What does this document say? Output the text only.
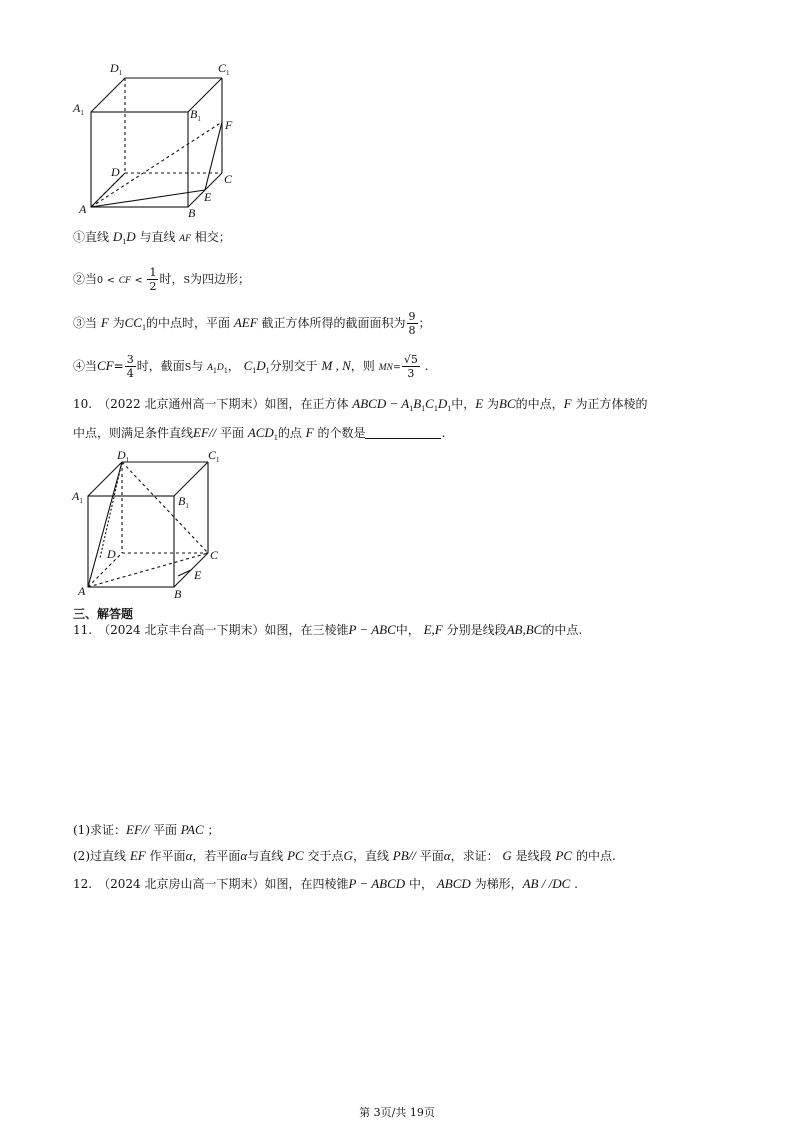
$D_1$	$C_1$
$A_1$	$B_1$ F
D	C
A	B
E
①直线 $D_1D$ 与直线 AF 相交；
②当0 < CF < $\frac{1}{2}$ 时，S为四边形；
③当 F 为$CC_1$的中点时，平面 AEF 截正方体所得的截面面积为 $\frac{9}{8}$ ；
④当$CF= \frac{3}{4}$ 时，截面S与 $A_1D_1$， $C_1D_1$分别交于 M , N，则 $MN= \frac{√5}{3}$ .
10.　（2022 北京通州高一下期末）如图，在正方体 ABCD − $A_1B_1C_1D_1$中，E 为BC的中点，F 为正方体棱的
中点，则满足条件直线EF// 平面 $ACD_1$的点 F 的个数是	.
$D_1$	$C_1$
$A_1$	$B_1$
D	C
A	B
E
三、解答题
11.　（2024 北京丰台高一下期末）如图，在三棱锥P − ABC中， E,F 分别是线段AB,BC的中点.
(1)求证：EF// 平面 PAC ；
(2)过直线 EF 作平面α，若平面α与直线 PC 交于点G，直线 PB// 平面α，求证： G 是线段 PC 的中点.
12.　（2024 北京房山高一下期末）如图，在四棱锥P − ABCD 中， ABCD 为梯形，AB / /DC .
第 3页/共 19页
